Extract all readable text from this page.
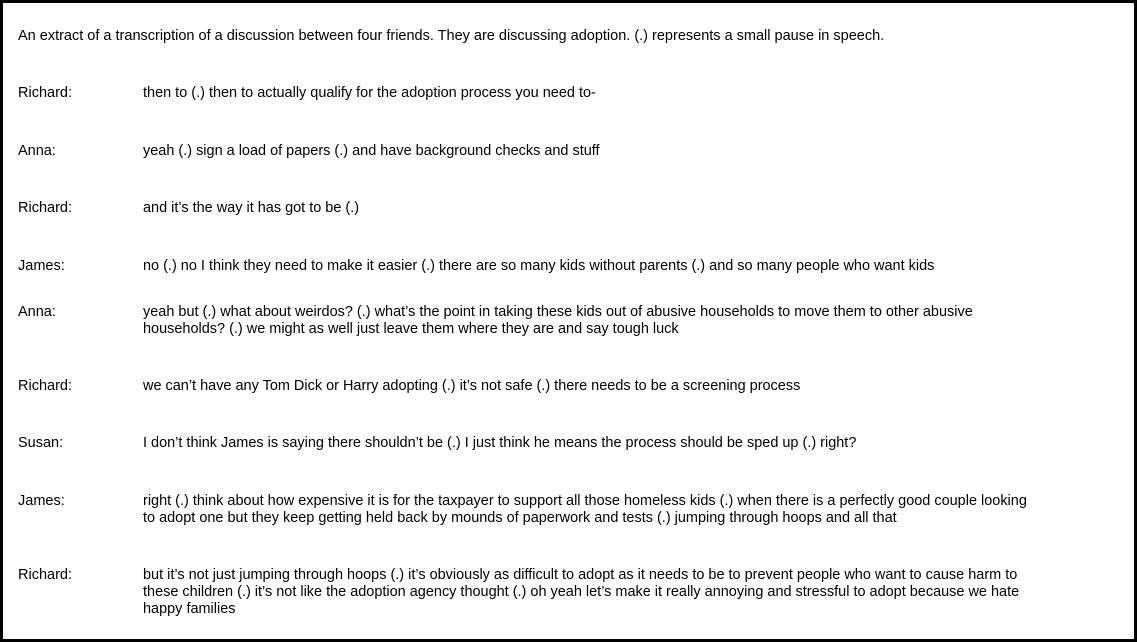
An extract of a transcription of a discussion between four friends. They are discussing adoption. (.) represents a small pause in speech.
Richard:	then to (.) then to actually qualify for the adoption process you need to-
Anna:	yeah (.) sign a load of papers (.) and have background checks and stuff
Richard:	and it’s the way it has got to be (.)
James:	no (.) no I think they need to make it easier (.) there are so many kids without parents (.) and so many people who want kids
Anna:	yeah but (.) what about weirdos? (.) what’s the point in taking these kids out of abusive households to move them to other abusive
households? (.) we might as well just leave them where they are and say tough luck
Richard:	we can’t have any Tom Dick or Harry adopting (.) it’s not safe (.) there needs to be a screening process
Susan:	I don’t think James is saying there shouldn’t be (.) I just think he means the process should be sped up (.) right?
James:	right (.) think about how expensive it is for the taxpayer to support all those homeless kids (.) when there is a perfectly good couple looking
to adopt one but they keep getting held back by mounds of paperwork and tests (.) jumping through hoops and all that
Richard:	but it’s not just jumping through hoops (.) it’s obviously as difficult to adopt as it needs to be to prevent people who want to cause harm to
these children (.) it’s not like the adoption agency thought (.) oh yeah let’s make it really annoying and stressful to adopt because we hate
happy families
